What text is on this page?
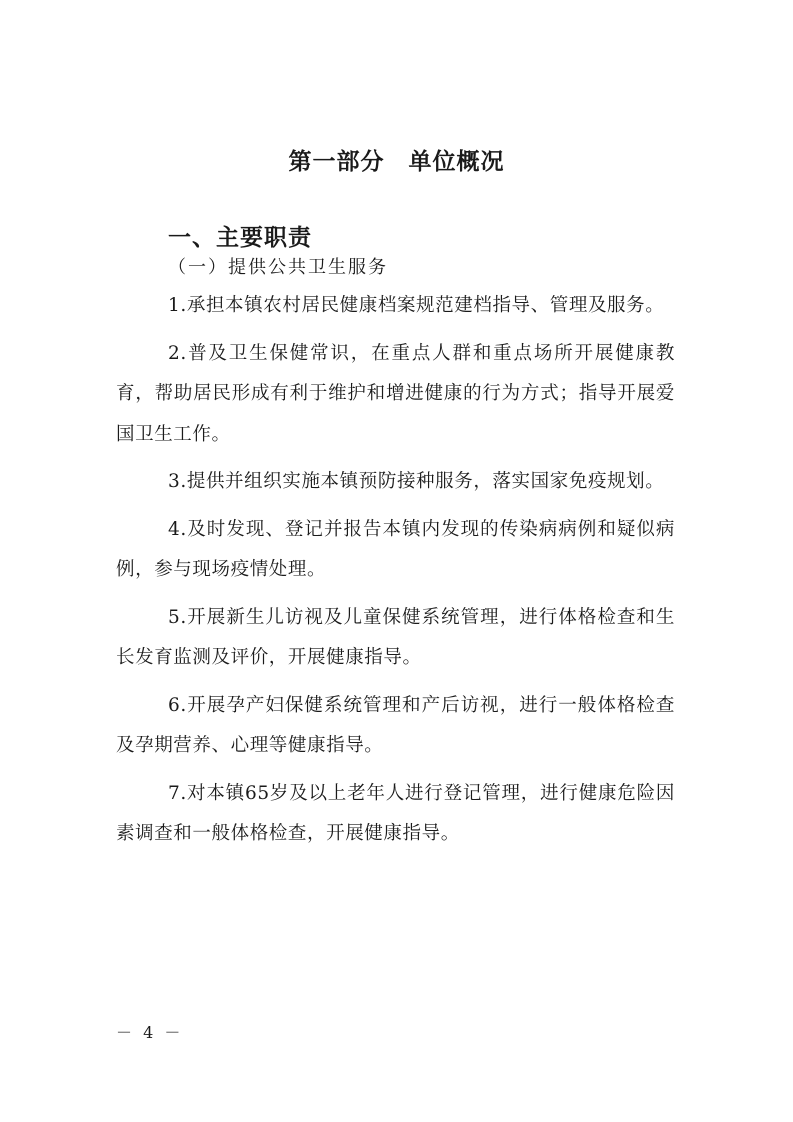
第一部分　单位概况
一、主要职责
（一）提供公共卫生服务

1.承担本镇农村居民健康档案规范建档指导、管理及服务。

2.普及卫生保健常识，在重点人群和重点场所开展健康教育，帮助居民形成有利于维护和增进健康的行为方式；指导开展爱国卫生工作。

3.提供并组织实施本镇预防接种服务，落实国家免疫规划。

4.及时发现、登记并报告本镇内发现的传染病病例和疑似病例，参与现场疫情处理。

5.开展新生儿访视及儿童保健系统管理，进行体格检查和生长发育监测及评价，开展健康指导。

6.开展孕产妇保健系统管理和产后访视，进行一般体格检查及孕期营养、心理等健康指导。

7.对本镇65岁及以上老年人进行登记管理，进行健康危险因素调查和一般体格检查，开展健康指导。

－ 4 －
